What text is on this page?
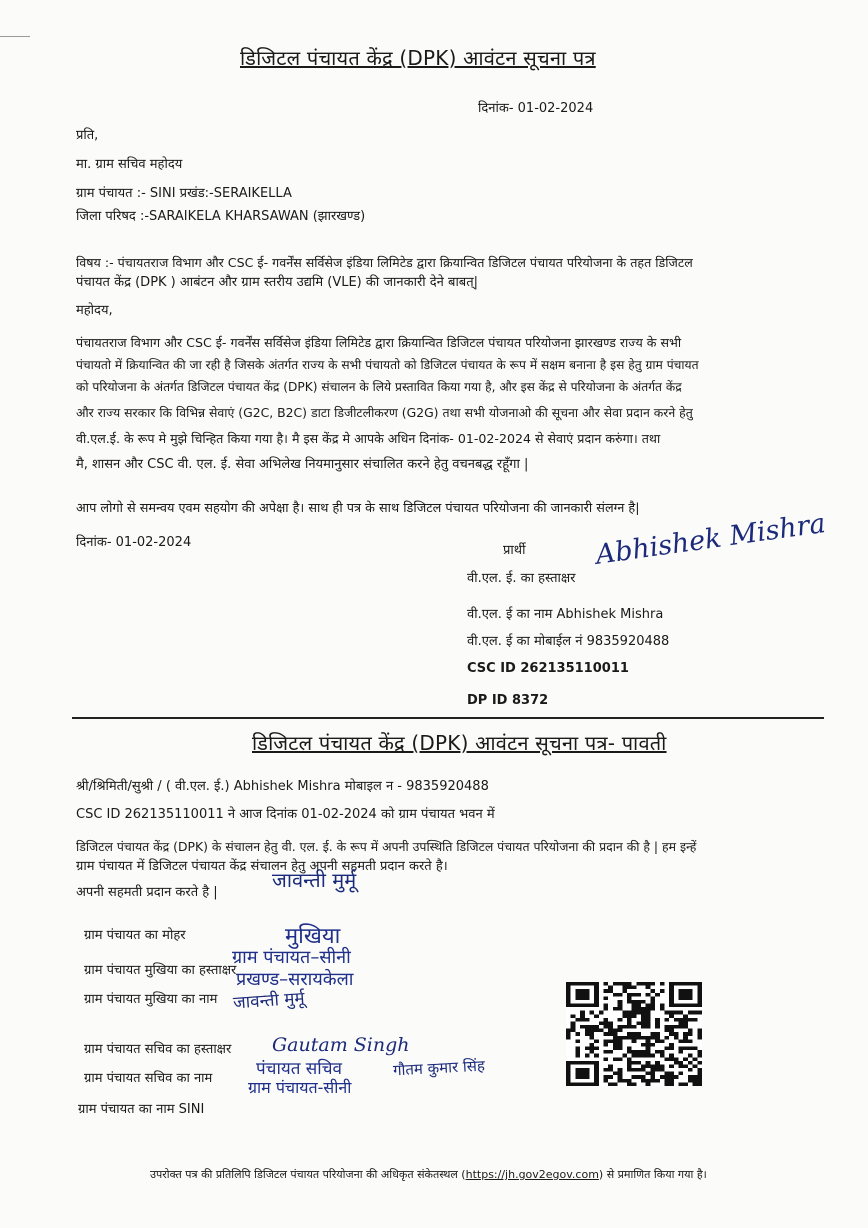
डिजिटल पंचायत केंद्र (DPK) आवंटन सूचना पत्र
दिनांक- 01-02-2024
प्रति,
मा. ग्राम सचिव महोदय
ग्राम पंचायत :- SINI प्रखंड:-SERAIKELLA
जिला परिषद :-SARAIKELA KHARSAWAN (झारखण्ड)
विषय :- पंचायतराज विभाग और CSC ई- गवर्नेंस सर्विसेज इंडिया लिमिटेड द्वारा क्रियान्वित डिजिटल पंचायत परियोजना के तहत डिजिटल
पंचायत केंद्र (DPK ) आबंटन और ग्राम स्तरीय उद्यमि (VLE) की जानकारी देने बाबत्|
महोदय,
पंचायतराज विभाग और CSC ई- गवर्नेंस सर्विसेज इंडिया लिमिटेड द्वारा क्रियान्वित डिजिटल पंचायत परियोजना झारखण्ड राज्य के सभी
पंचायतो में क्रियान्वित की जा रही है जिसके अंतर्गत राज्य के सभी पंचायतो को डिजिटल पंचायत के रूप में सक्षम बनाना है इस हेतु ग्राम पंचायत
को परियोजना के अंतर्गत डिजिटल पंचायत केंद्र (DPK) संचालन के लिये प्रस्तावित किया गया है, और इस केंद्र से परियोजना के अंतर्गत केंद्र
और राज्य सरकार कि विभिन्न सेवाएं (G2C, B2C) डाटा डिजीटलीकरण (G2G) तथा सभी योजनाओ की सूचना और सेवा प्रदान करने हेतु
वी.एल.ई. के रूप मे मुझे चिन्हित किया गया है। मै इस केंद्र मे आपके अधिन दिनांक- 01-02-2024 से सेवाएं प्रदान करुंगा। तथा
मै, शासन और CSC वी. एल. ई. सेवा अभिलेख नियमानुसार संचालित करने हेतु वचनबद्ध रहूँगा |
आप लोगो से समन्वय एवम सहयोग की अपेक्षा है। साथ ही पत्र के साथ डिजिटल पंचायत परियोजना की जानकारी संलग्न है|
दिनांक- 01-02-2024
प्रार्थी
वी.एल. ई. का हस्ताक्षर
Abhishek Mishra
वी.एल. ई का नाम Abhishek Mishra
वी.एल. ई का मोबाईल नं 9835920488
CSC ID 262135110011
DP ID 8372
डिजिटल पंचायत केंद्र (DPK) आवंटन सूचना पत्र- पावती
श्री/श्रिमिती/सुश्री / ( वी.एल. ई.) Abhishek Mishra मोबाइल न - 9835920488
CSC ID 262135110011 ने आज दिनांक 01-02-2024 को ग्राम पंचायत भवन में
डिजिटल पंचायत केंद्र (DPK) के संचालन हेतु वी. एल. ई. के रूप में अपनी उपस्थिति डिजिटल पंचायत परियोजना की प्रदान की है | हम इन्हें
ग्राम पंचायत में डिजिटल पंचायत केंद्र संचालन हेतु अपनी सहमती प्रदान करते है।
अपनी सहमती प्रदान करते है |
ग्राम पंचायत का मोहर
ग्राम पंचायत मुखिया का हस्ताक्षर
ग्राम पंचायत मुखिया का नाम
ग्राम पंचायत सचिव का हस्ताक्षर
ग्राम पंचायत सचिव का नाम
ग्राम पंचायत का नाम SINI
जावन्ती मुर्मू
मुखिया
ग्राम पंचायत–सीनी
प्रखण्ड–सरायकेला
जावन्ती मुर्मू
Gautam Singh
पंचायत सचिव
ग्राम पंचायत-सीनी
गौतम कुमार सिंह
उपरोक्त पत्र की प्रतिलिपि डिजिटल पंचायत परियोजना की अधिकृत संकेतस्थल (https://jh.gov2egov.com) से प्रमाणित किया गया है।
